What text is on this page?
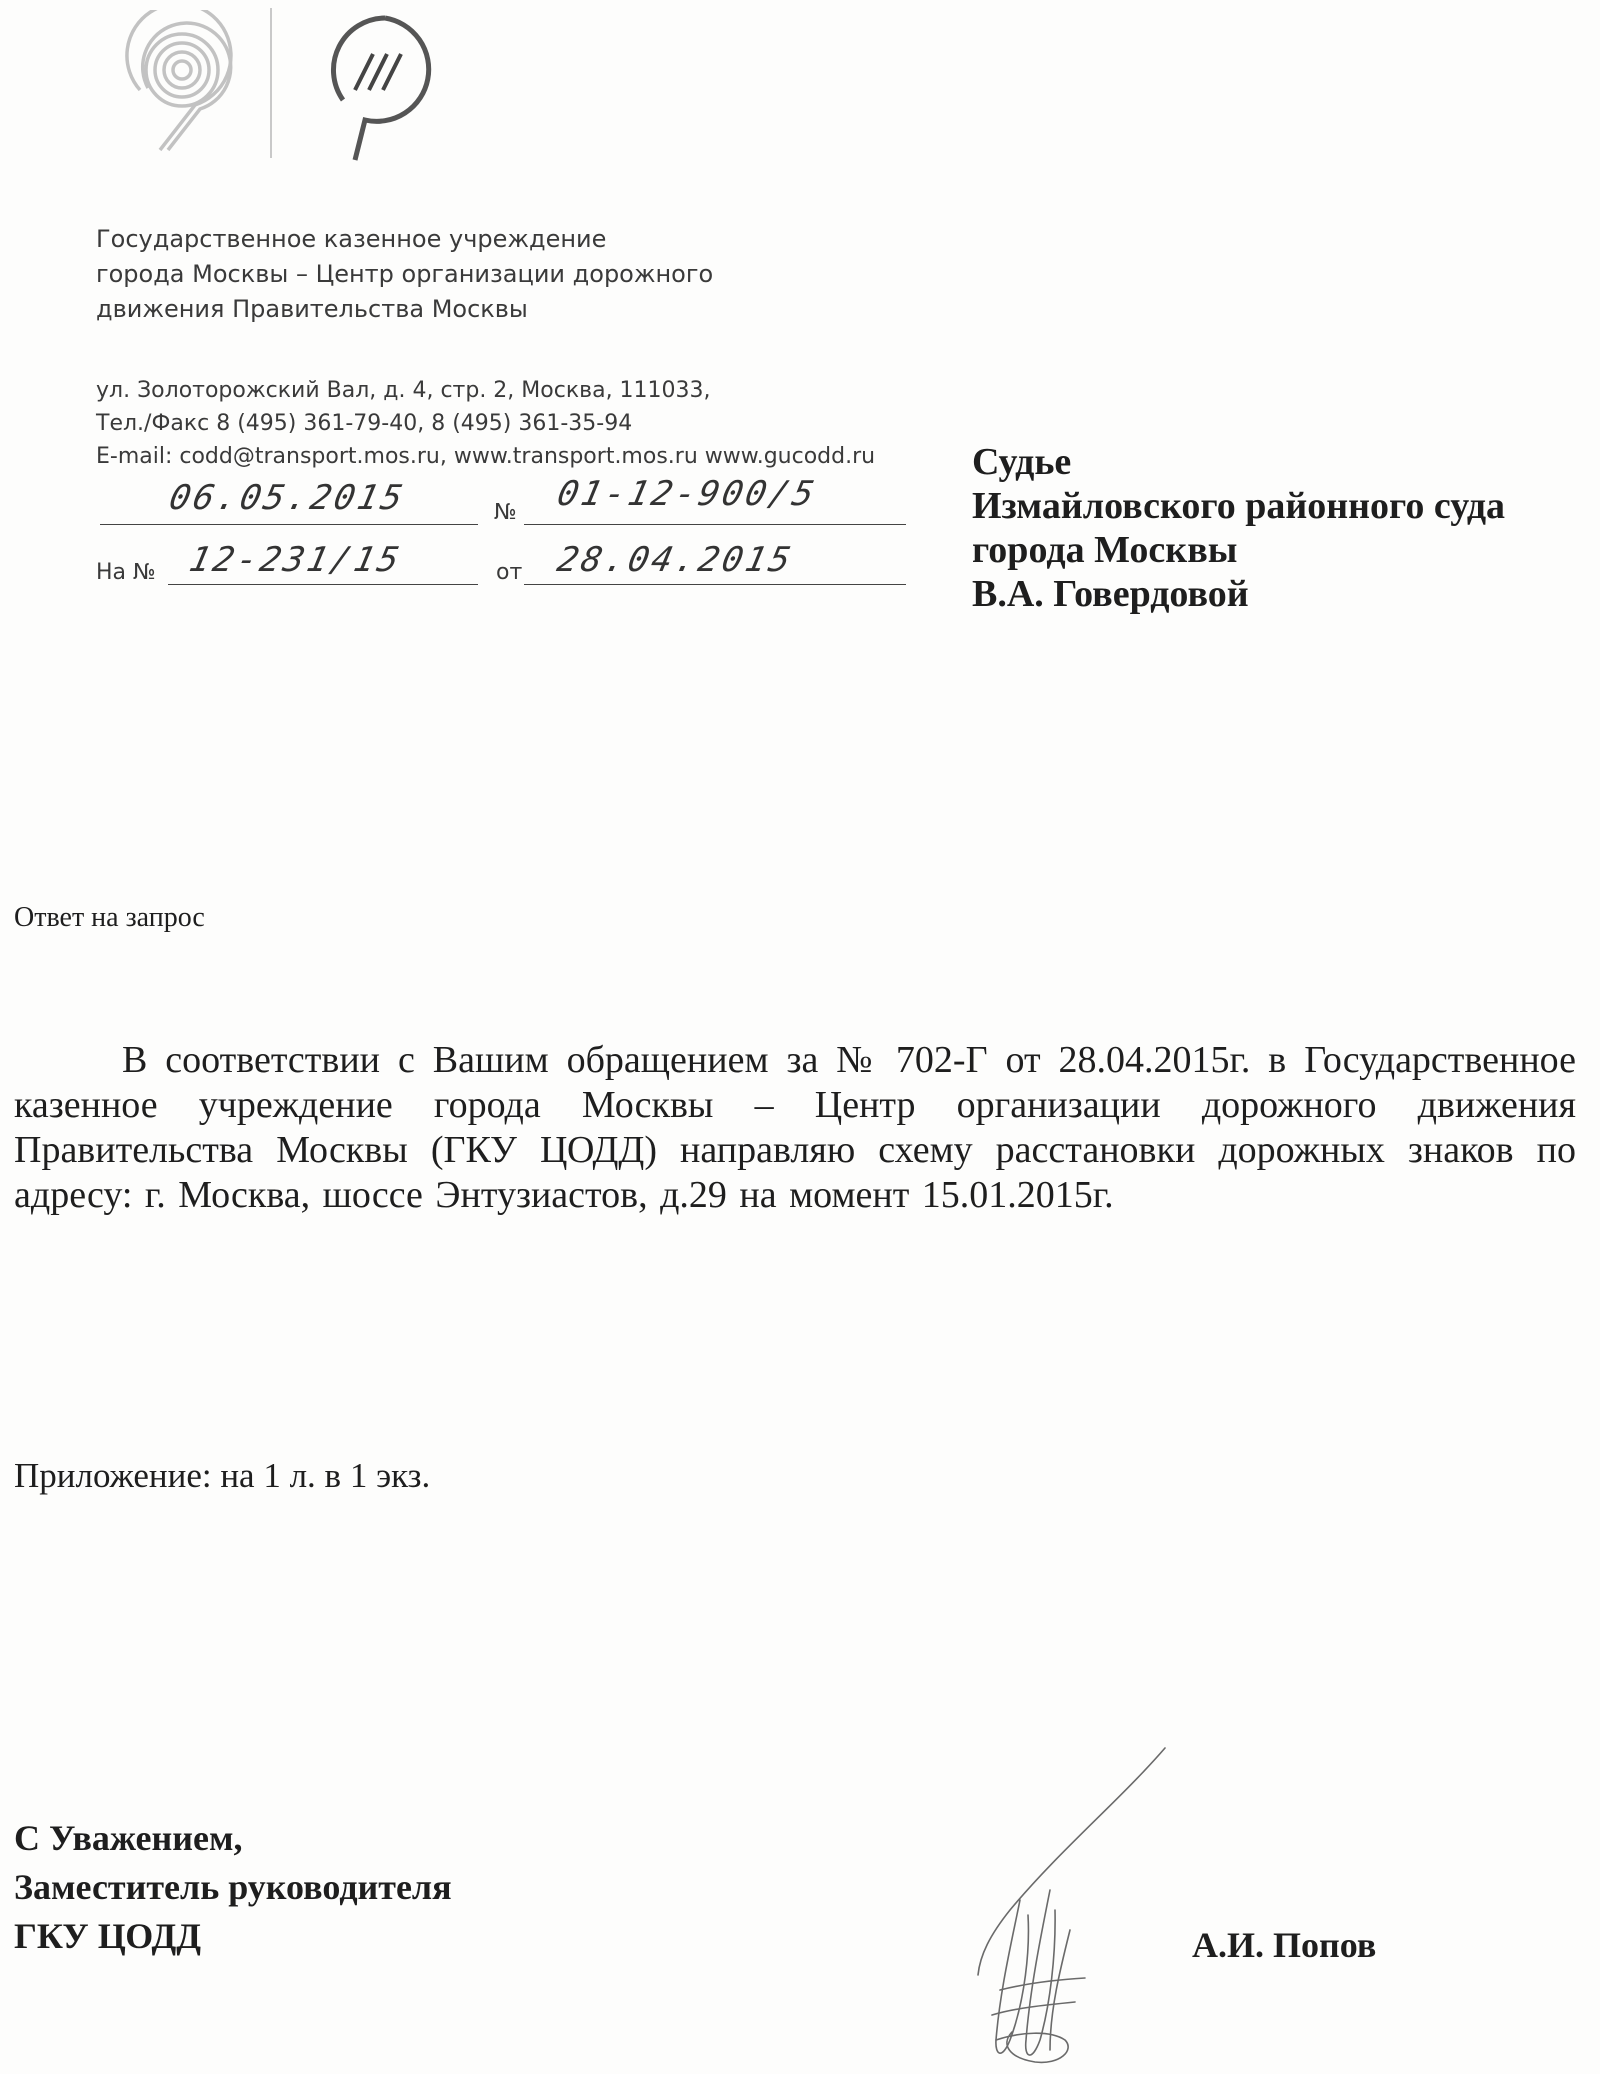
Государственное казенное учреждение
города Москвы – Центр организации дорожного
движения Правительства Москвы
ул. Золоторожский Вал, д. 4, стр. 2, Москва, 111033,
Тел./Факс 8 (495) 361-79-40, 8 (495) 361-35-94
E-mail: codd@transport.mos.ru, www.transport.mos.ru www.gucodd.ru
06.05.2015	№ 01-12-900/5
На № 12-231/15	от 28.04.2015
Судье
Измайловского районного суда
города Москвы
В.А. Говердовой
Ответ на запрос
В соответствии с Вашим обращением за № 702-Г от 28.04.2015г. в Государственное казенное учреждение города Москвы – Центр организации дорожного движения Правительства Москвы (ГКУ ЦОДД) направляю схему расстановки дорожных знаков по адресу: г. Москва, шоссе Энтузиастов, д.29 на момент 15.01.2015г.
Приложение: на 1 л. в 1 экз.
С Уважением,
Заместитель руководителя
ГКУ ЦОДД	А.И. Попов
